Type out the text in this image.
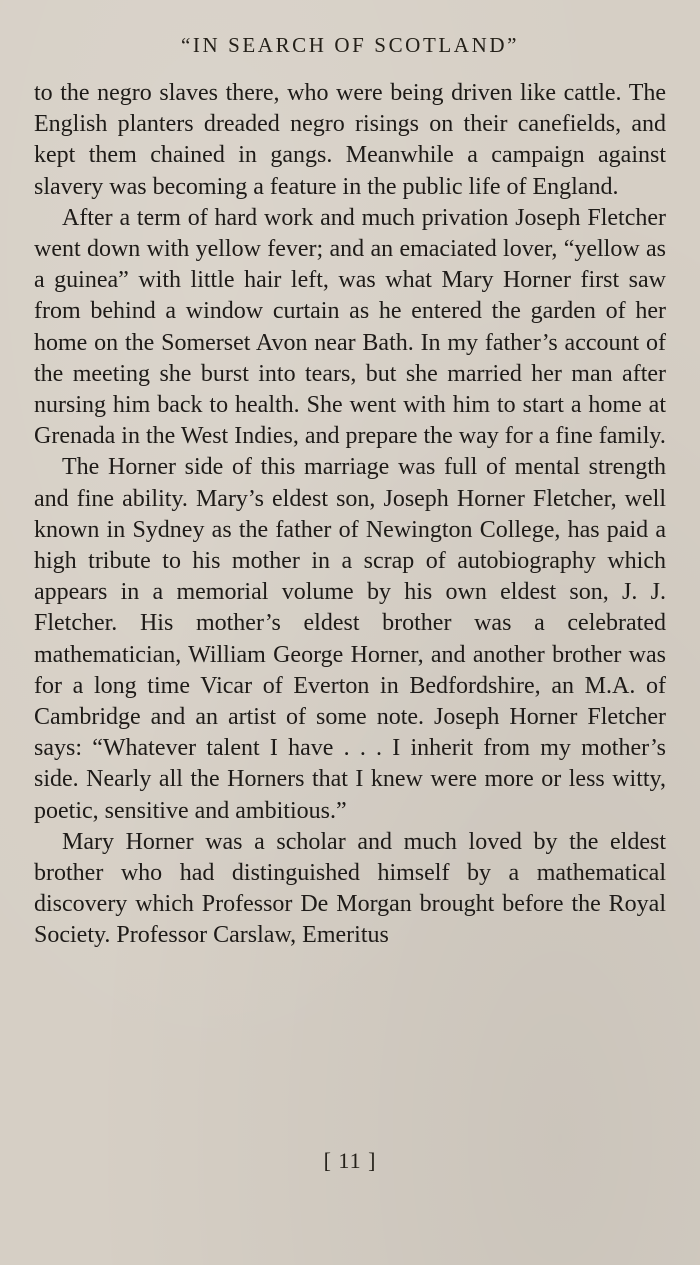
“IN SEARCH OF SCOTLAND”

to the negro slaves there, who were being driven like cattle. The English planters dreaded negro risings on their canefields, and kept them chained in gangs. Meanwhile a campaign against slavery was becoming a feature in the public life of England.

After a term of hard work and much privation Joseph Fletcher went down with yellow fever; and an emaciated lover, “yellow as a guinea” with little hair left, was what Mary Horner first saw from behind a window curtain as he entered the garden of her home on the Somerset Avon near Bath. In my father’s account of the meeting she burst into tears, but she married her man after nursing him back to health. She went with him to start a home at Grenada in the West Indies, and prepare the way for a fine family.

The Horner side of this marriage was full of mental strength and fine ability. Mary’s eldest son, Joseph Horner Fletcher, well known in Sydney as the father of Newington College, has paid a high tribute to his mother in a scrap of autobiography which appears in a memorial volume by his own eldest son, J. J. Fletcher. His mother’s eldest brother was a celebrated mathematician, William George Horner, and another brother was for a long time Vicar of Everton in Bedfordshire, an M.A. of Cambridge and an artist of some note. Joseph Horner Fletcher says: “Whatever talent I have . . . I inherit from my mother’s side. Nearly all the Horners that I knew were more or less witty, poetic, sensitive and ambitious.”

Mary Horner was a scholar and much loved by the eldest brother who had distinguished himself by a mathematical discovery which Professor De Morgan brought before the Royal Society. Professor Carslaw, Emeritus

[ 11 ]
